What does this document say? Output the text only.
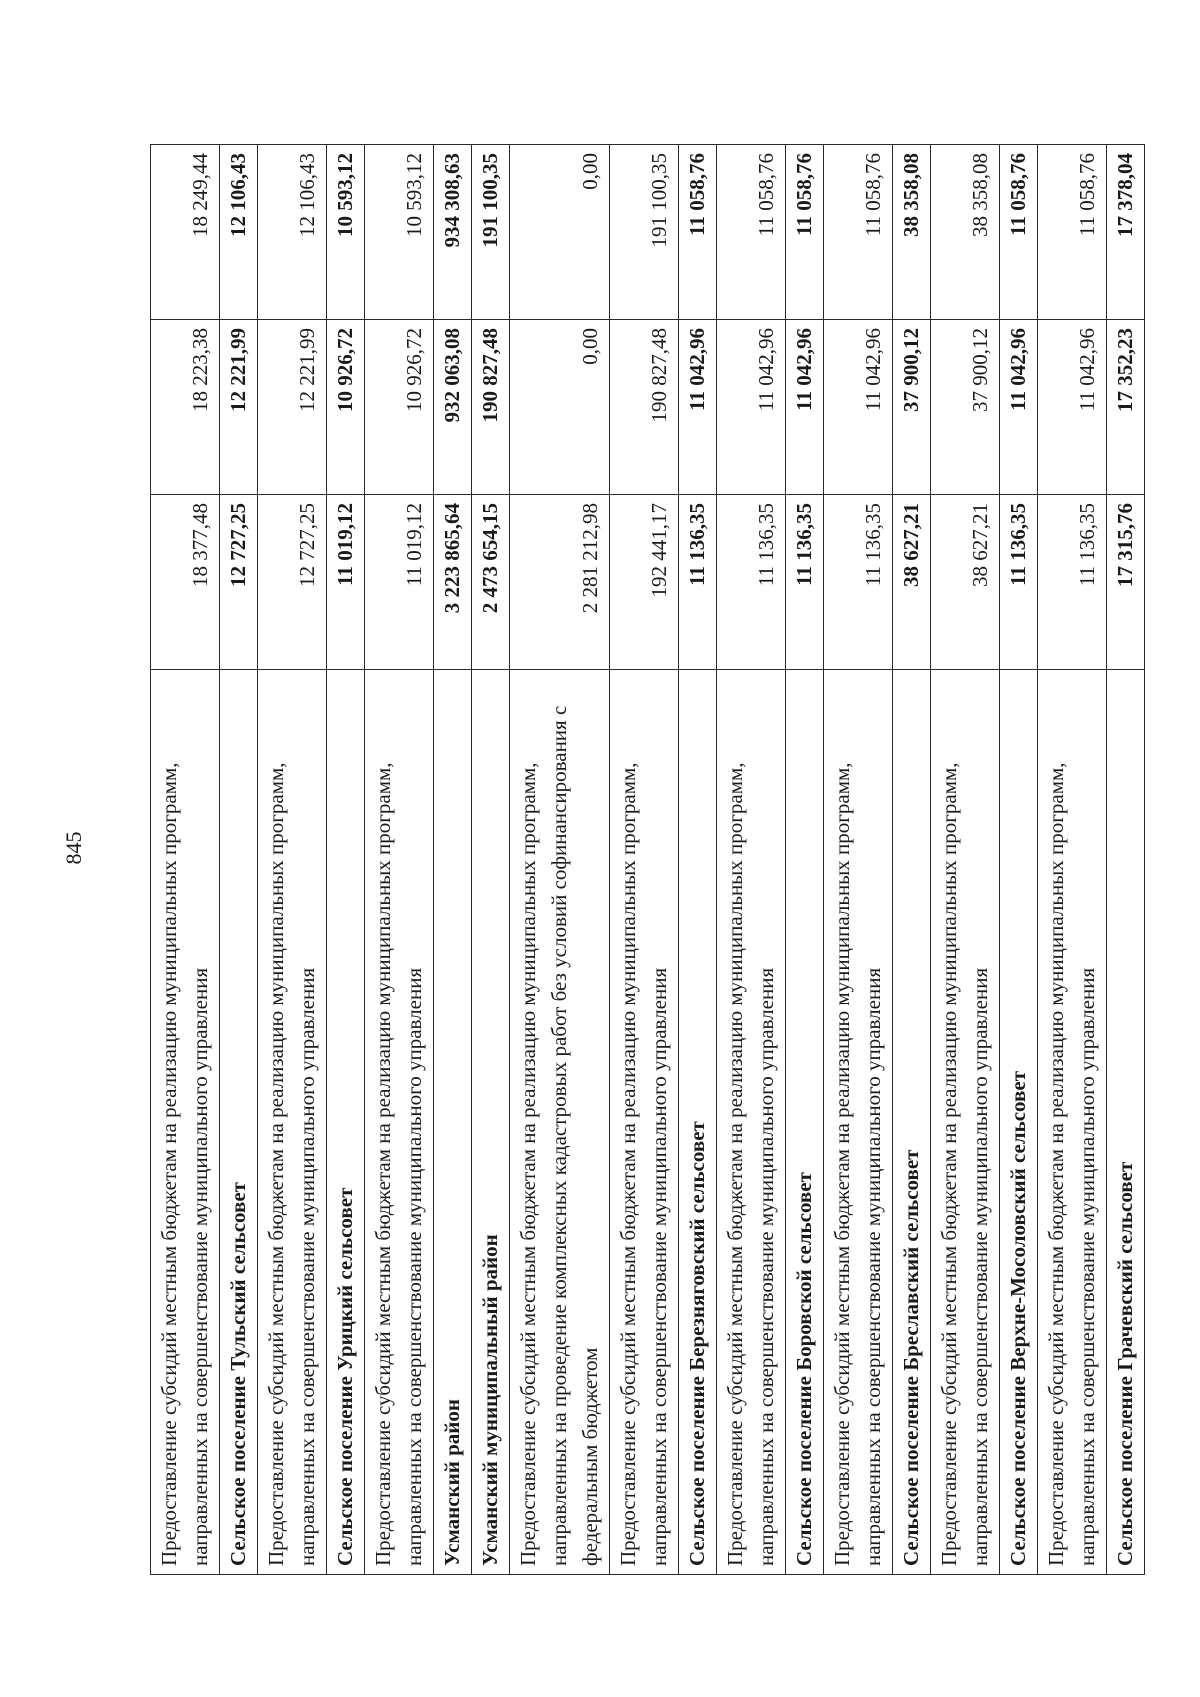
845	Предоставление субсидий местным бюджетам на реализацию муниципальных программ, направленных на совершенствование муниципального управления	18 377,48	18 223,38	18 249,44
Сельское поселение Тульский сельсовет	12 727,25	12 221,99	12 106,43
Предоставление субсидий местным бюджетам на реализацию муниципальных программ, направленных на совершенствование муниципального управления	12 727,25	12 221,99	12 106,43
Сельское поселение Урицкий сельсовет	11 019,12	10 926,72	10 593,12
Предоставление субсидий местным бюджетам на реализацию муниципальных программ, направленных на совершенствование муниципального управления	11 019,12	10 926,72	10 593,12
Усманский район	3 223 865,64	932 063,08	934 308,63
Усманский муниципальный район	2 473 654,15	190 827,48	191 100,35
Предоставление субсидий местным бюджетам на реализацию муниципальных программ, направленных на проведение комплексных кадастровых работ без условий софинансирования с федеральным бюджетом	2 281 212,98	0,00	0,00
Предоставление субсидий местным бюджетам на реализацию муниципальных программ, направленных на совершенствование муниципального управления	192 441,17	190 827,48	191 100,35
Сельское поселение Березняговский сельсовет	11 136,35	11 042,96	11 058,76
Предоставление субсидий местным бюджетам на реализацию муниципальных программ, направленных на совершенствование муниципального управления	11 136,35	11 042,96	11 058,76
Сельское поселение Боровской сельсовет	11 136,35	11 042,96	11 058,76
Предоставление субсидий местным бюджетам на реализацию муниципальных программ, направленных на совершенствование муниципального управления	11 136,35	11 042,96	11 058,76
Сельское поселение Бреславский сельсовет	38 627,21	37 900,12	38 358,08
Предоставление субсидий местным бюджетам на реализацию муниципальных программ, направленных на совершенствование муниципального управления	38 627,21	37 900,12	38 358,08
Сельское поселение Верхне-Мосоловский сельсовет	11 136,35	11 042,96	11 058,76
Предоставление субсидий местным бюджетам на реализацию муниципальных программ, направленных на совершенствование муниципального управления	11 136,35	11 042,96	11 058,76
Сельское поселение Грачевский сельсовет	17 315,76	17 352,23	17 378,04
